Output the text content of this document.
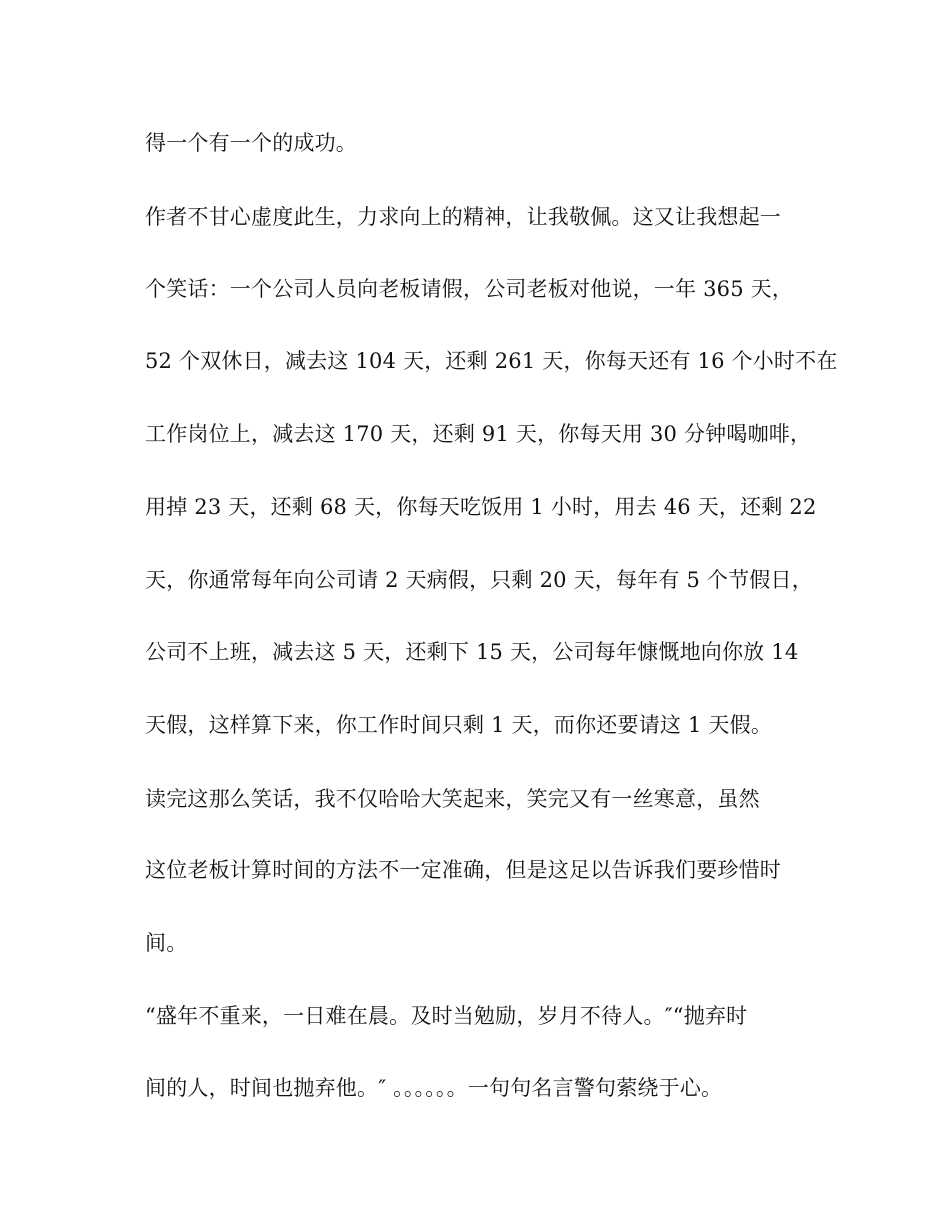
得一个有一个的成功。
作者不甘心虚度此生，力求向上的精神，让我敬佩。这又让我想起一
个笑话：一个公司人员向老板请假，公司老板对他说，一年 365 天，
52 个双休日，减去这 104 天，还剩 261 天，你每天还有 16 个小时不在
工作岗位上，减去这 170 天，还剩 91 天，你每天用 30 分钟喝咖啡，
用掉 23 天，还剩 68 天，你每天吃饭用 1 小时，用去 46 天，还剩 22
天，你通常每年向公司请 2 天病假，只剩 20 天，每年有 5 个节假日，
公司不上班，减去这 5 天，还剩下 15 天，公司每年慷慨地向你放 14
天假，这样算下来，你工作时间只剩 1 天，而你还要请这 1 天假。
读完这那么笑话，我不仅哈哈大笑起来，笑完又有一丝寒意，虽然
这位老板计算时间的方法不一定准确，但是这足以告诉我们要珍惜时
间。
“盛年不重来，一日难在晨。及时当勉励，岁月不待人。″“抛弃时
间的人，时间也抛弃他。″ 。。。。。。一句句名言警句萦绕于心。
